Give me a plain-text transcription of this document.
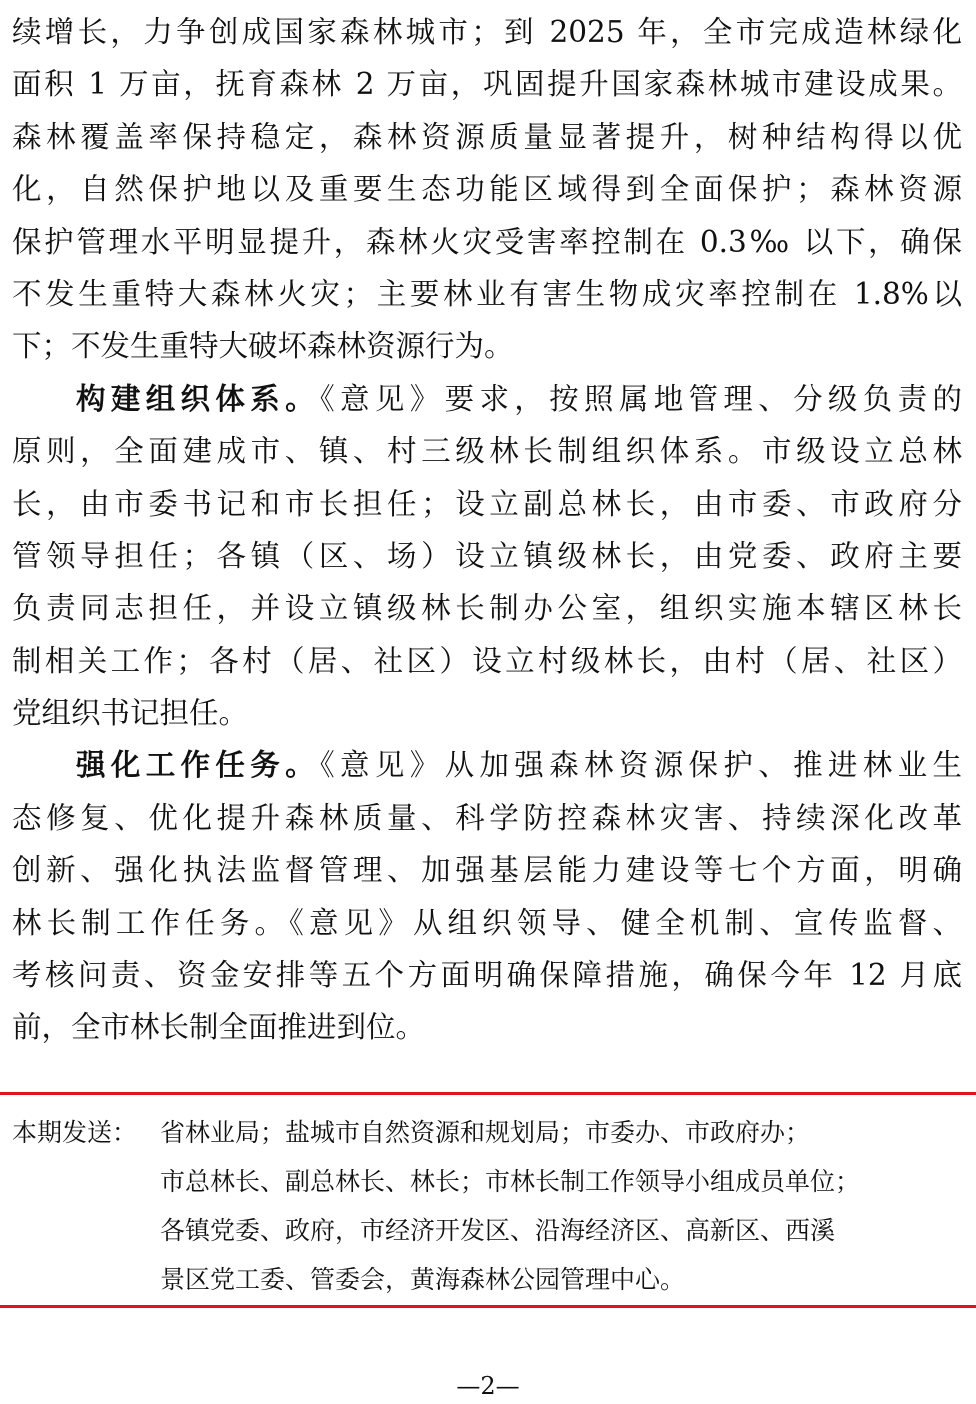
续增长，力争创成国家森林城市；到 2025 年，全市完成造林绿化
面积 1 万亩，抚育森林 2 万亩，巩固提升国家森林城市建设成果。
森林覆盖率保持稳定，森林资源质量显著提升，树种结构得以优
化，自然保护地以及重要生态功能区域得到全面保护；森林资源
保护管理水平明显提升，森林火灾受害率控制在 0.3‰ 以下，确保
不发生重特大森林火灾；主要林业有害生物成灾率控制在 1.8%以
下；不发生重特大破坏森林资源行为。
构建组织体系。《意见》要求，按照属地管理、分级负责的
原则，全面建成市、镇、村三级林长制组织体系。市级设立总林
长，由市委书记和市长担任；设立副总林长，由市委、市政府分
管领导担任；各镇（区、场）设立镇级林长，由党委、政府主要
负责同志担任，并设立镇级林长制办公室，组织实施本辖区林长
制相关工作；各村（居、社区）设立村级林长，由村（居、社区）
党组织书记担任。
强化工作任务。《意见》从加强森林资源保护、推进林业生
态修复、优化提升森林质量、科学防控森林灾害、持续深化改革
创新、强化执法监督管理、加强基层能力建设等七个方面，明确
林长制工作任务。《意见》从组织领导、健全机制、宣传监督、
考核问责、资金安排等五个方面明确保障措施，确保今年 12 月底
前，全市林长制全面推进到位。
本期发送： 省林业局；盐城市自然资源和规划局；市委办、市政府办；
市总林长、副总林长、林长；市林长制工作领导小组成员单位；
各镇党委、政府，市经济开发区、沿海经济区、高新区、西溪
景区党工委、管委会，黄海森林公园管理中心。
—2—
